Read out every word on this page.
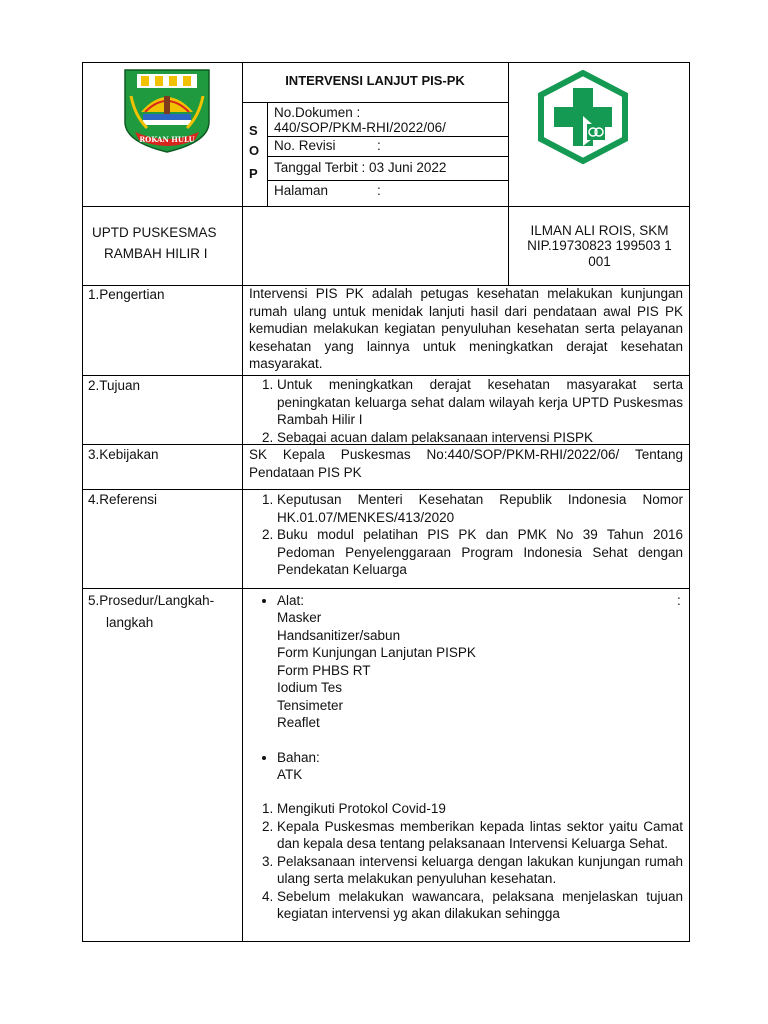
ROKAN HULU
INTERVENSI LANJUT PIS-PK
S
O
P
No.Dokumen :
440/SOP/PKM-RHI/2022/06/
No. Revisi	:
Tanggal Terbit : 03 Juni 2022
Halaman	:
UPTD PUSKESMAS
RAMBAH HILIR I
ILMAN ALI ROIS, SKM
NIP.19730823 199503 1
001
1.Pengertian	Intervensi PIS PK adalah petugas kesehatan melakukan kunjungan rumah ulang untuk menidak lanjuti hasil dari pendataan awal PIS PK kemudian melakukan kegiatan penyuluhan kesehatan serta pelayanan kesehatan yang lainnya untuk meningkatkan derajat kesehatan masyarakat.
2.Tujuan	1. Untuk meningkatkan derajat kesehatan masyarakat serta peningkatan keluarga sehat dalam wilayah kerja UPTD Puskesmas Rambah Hilir I
2. Sebagai acuan dalam pelaksanaan intervensi PISPK
3.Kebijakan	SK Kepala Puskesmas No:440/SOP/PKM-RHI/2022/06/ Tentang Pendataan PIS PK
4.Referensi	1. Keputusan Menteri Kesehatan Republik Indonesia Nomor HK.01.07/MENKES/413/2020
2. Buku modul pelatihan PIS PK dan PMK No 39 Tahun 2016 Pedoman Penyelenggaraan Program Indonesia Sehat dengan Pendekatan Keluarga
5.Prosedur/Langkah-
langkah
• Alat:	:
Masker
Handsanitizer/sabun
Form Kunjungan Lanjutan PISPK
Form PHBS RT
Iodium Tes
Tensimeter
Reaflet
• Bahan:
ATK
1. Mengikuti Protokol Covid-19
2. Kepala Puskesmas memberikan kepada lintas sektor yaitu Camat dan kepala desa tentang pelaksanaan Intervensi Keluarga Sehat.
3. Pelaksanaan intervensi keluarga dengan lakukan kunjungan rumah ulang serta melakukan penyuluhan kesehatan.
4. Sebelum melakukan wawancara, pelaksana menjelaskan tujuan kegiatan intervensi yg akan dilakukan sehingga
